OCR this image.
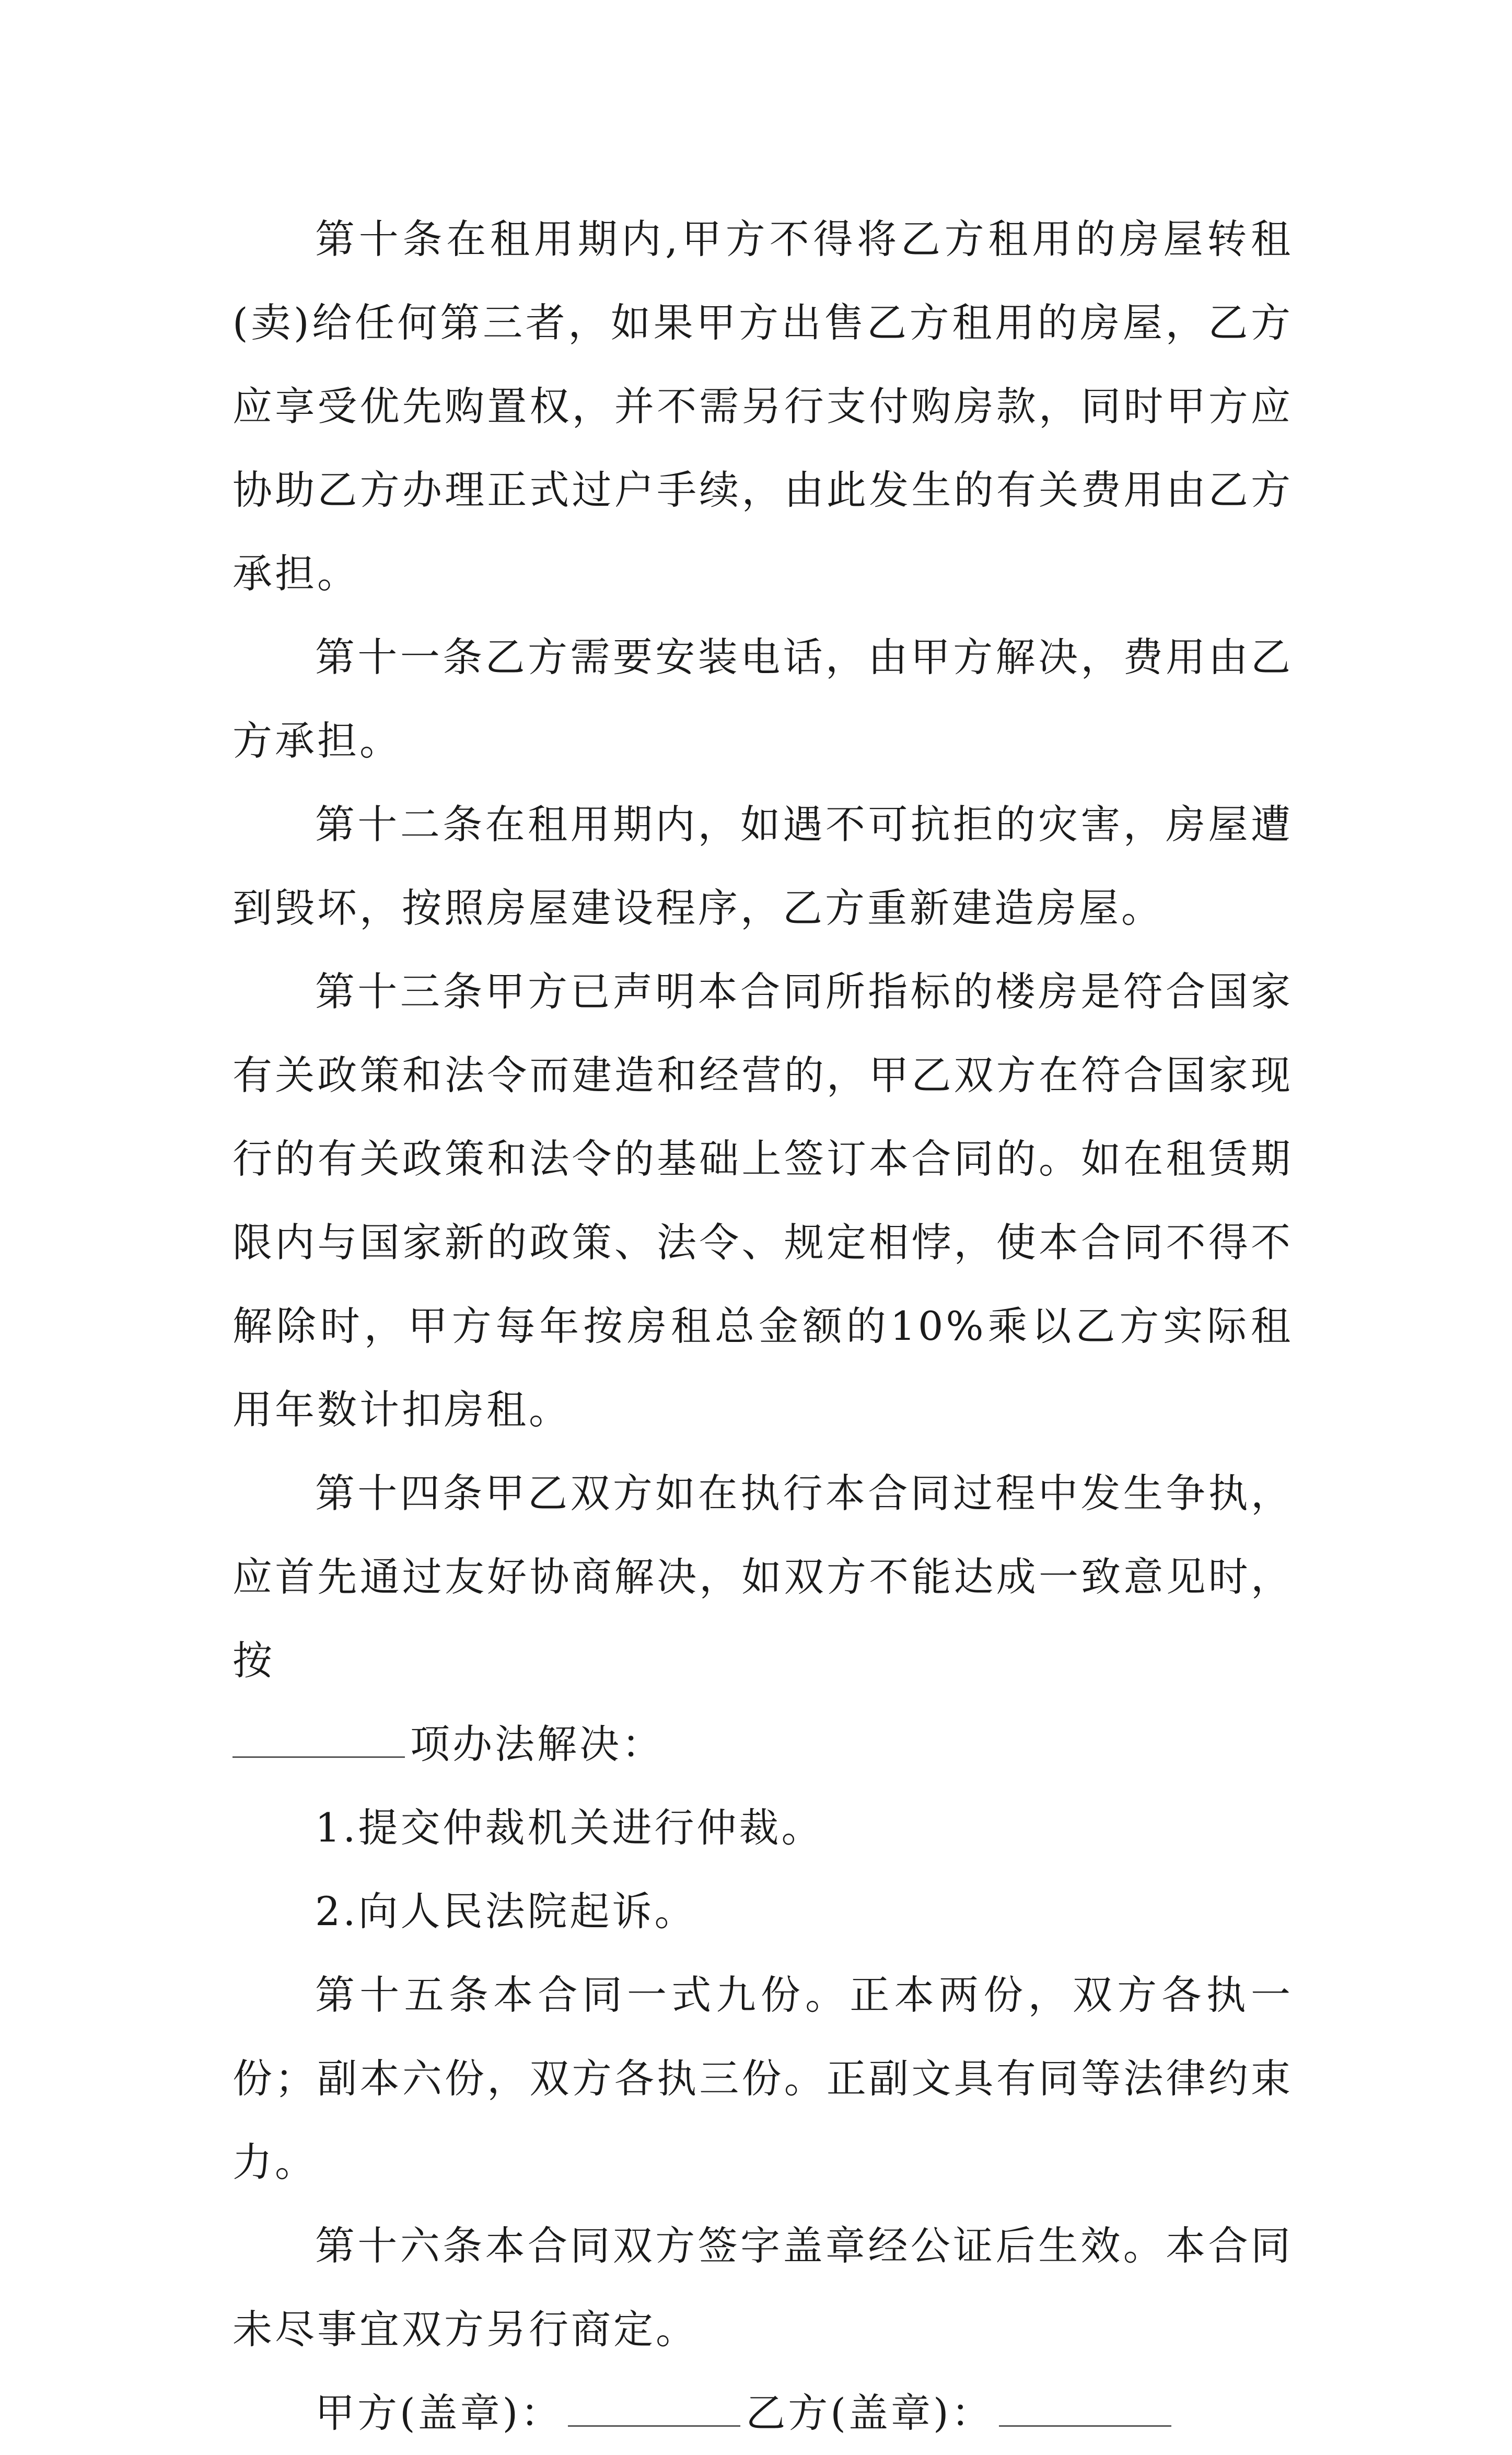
第十条在租用期内,甲方不得将乙方租用的房屋转租(卖)给任何第三者，如果甲方出售乙方租用的房屋，乙方应享受优先购置权，并不需另行支付购房款，同时甲方应协助乙方办理正式过户手续，由此发生的有关费用由乙方承担。

第十一条乙方需要安装电话，由甲方解决，费用由乙方承担。

第十二条在租用期内，如遇不可抗拒的灾害，房屋遭到毁坏，按照房屋建设程序，乙方重新建造房屋。

第十三条甲方已声明本合同所指标的楼房是符合国家有关政策和法令而建造和经营的，甲乙双方在符合国家现行的有关政策和法令的基础上签订本合同的。如在租赁期限内与国家新的政策、法令、规定相悖，使本合同不得不解除时，甲方每年按房租总金额的10%乘以乙方实际租用年数计扣房租。

第十四条甲乙双方如在执行本合同过程中发生争执，应首先通过友好协商解决，如双方不能达成一致意见时，按

项办法解决：

1.提交仲裁机关进行仲裁。

2.向人民法院起诉。

第十五条本合同一式九份。正本两份，双方各执一份；副本六份，双方各执三份。正副文具有同等法律约束力。

第十六条本合同双方签字盖章经公证后生效。本合同未尽事宜双方另行商定。

甲方(盖章)：	乙方(盖章)：
